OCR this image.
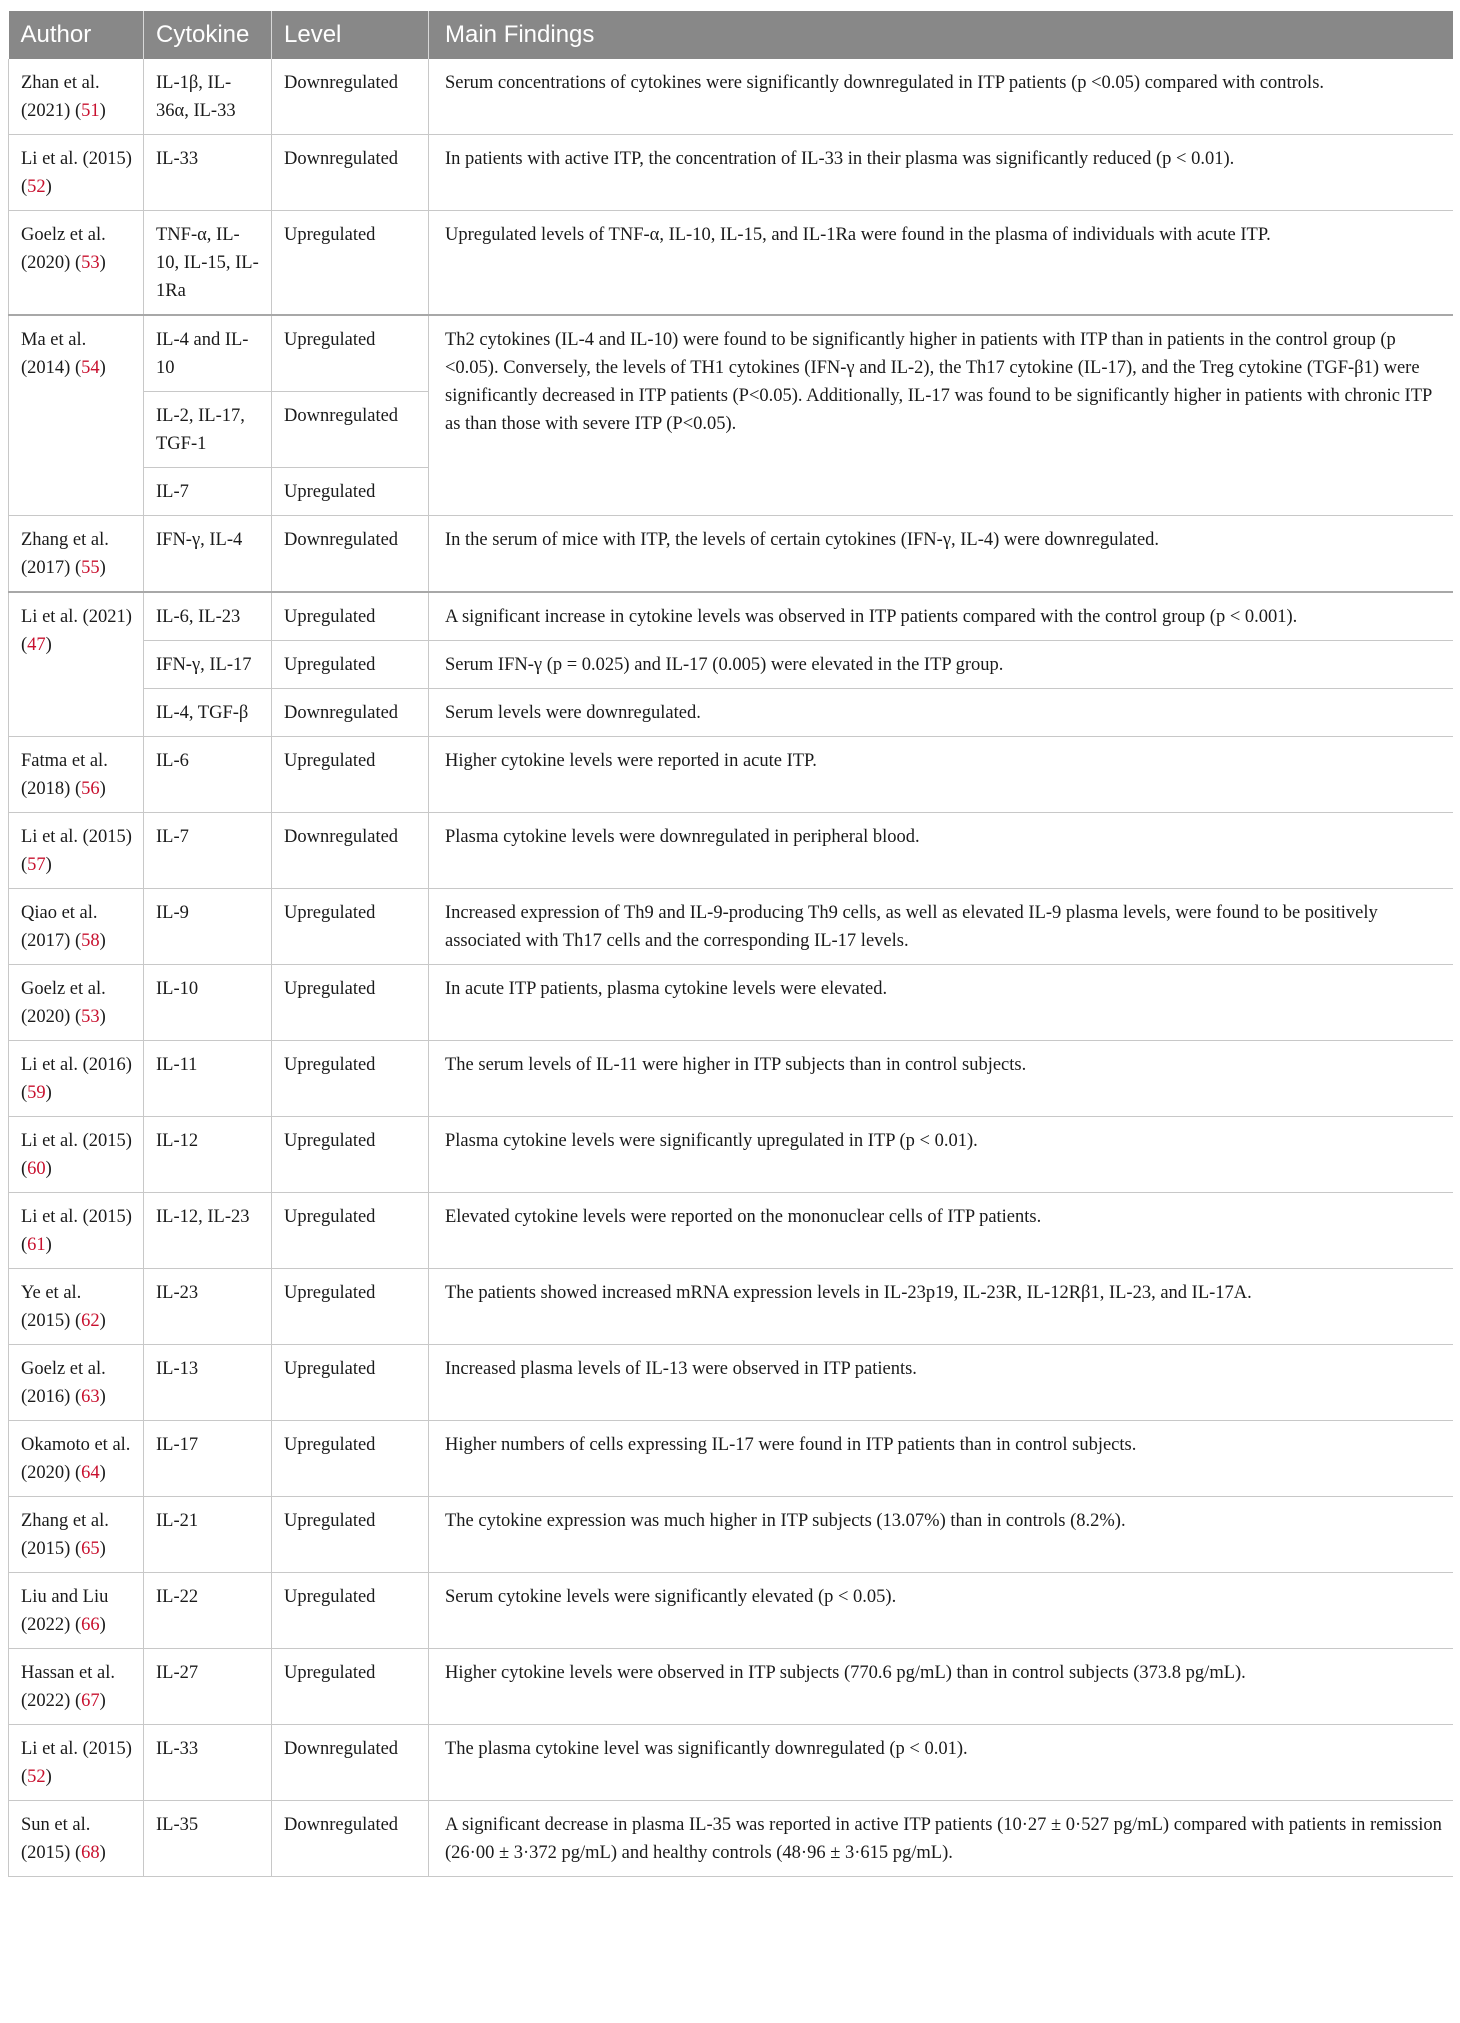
Author	Cytokine	Level	Main Findings
Zhan et al. (2021) (51)	IL-1β, IL-36α, IL-33	Downregulated	Serum concentrations of cytokines were significantly downregulated in ITP patients (p <0.05) compared with controls.
Li et al. (2015) (52)	IL-33	Downregulated	In patients with active ITP, the concentration of IL-33 in their plasma was significantly reduced (p < 0.01).
Goelz et al. (2020) (53)	TNF-α, IL-10, IL-15, IL-1Ra	Upregulated	Upregulated levels of TNF-α, IL-10, IL-15, and IL-1Ra were found in the plasma of individuals with acute ITP.
Ma et al. (2014) (54)	IL-4 and IL-10	Upregulated	Th2 cytokines (IL-4 and IL-10) were found to be significantly higher in patients with ITP than in patients in the control group (p <0.05). Conversely, the levels of TH1 cytokines (IFN-γ and IL-2), the Th17 cytokine (IL-17), and the Treg cytokine (TGF-β1) were significantly decreased in ITP patients (P<0.05). Additionally, IL-17 was found to be significantly higher in patients with chronic ITP as than those with severe ITP (P<0.05).
	IL-2, IL-17, TGF-1	Downregulated	
	IL-7	Upregulated	
Zhang et al. (2017) (55)	IFN-γ, IL-4	Downregulated	In the serum of mice with ITP, the levels of certain cytokines (IFN-γ, IL-4) were downregulated.
Li et al. (2021) (47)	IL-6, IL-23	Upregulated	A significant increase in cytokine levels was observed in ITP patients compared with the control group (p < 0.001).
	IFN-γ, IL-17	Upregulated	Serum IFN-γ (p = 0.025) and IL-17 (0.005) were elevated in the ITP group.
	IL-4, TGF-β	Downregulated	Serum levels were downregulated.
Fatma et al. (2018) (56)	IL-6	Upregulated	Higher cytokine levels were reported in acute ITP.
Li et al. (2015) (57)	IL-7	Downregulated	Plasma cytokine levels were downregulated in peripheral blood.
Qiao et al. (2017) (58)	IL-9	Upregulated	Increased expression of Th9 and IL-9-producing Th9 cells, as well as elevated IL-9 plasma levels, were found to be positively associated with Th17 cells and the corresponding IL-17 levels.
Goelz et al. (2020) (53)	IL-10	Upregulated	In acute ITP patients, plasma cytokine levels were elevated.
Li et al. (2016) (59)	IL-11	Upregulated	The serum levels of IL-11 were higher in ITP subjects than in control subjects.
Li et al. (2015) (60)	IL-12	Upregulated	Plasma cytokine levels were significantly upregulated in ITP (p < 0.01).
Li et al. (2015) (61)	IL-12, IL-23	Upregulated	Elevated cytokine levels were reported on the mononuclear cells of ITP patients.
Ye et al. (2015) (62)	IL-23	Upregulated	The patients showed increased mRNA expression levels in IL-23p19, IL-23R, IL-12Rβ1, IL-23, and IL-17A.
Goelz et al. (2016) (63)	IL-13	Upregulated	Increased plasma levels of IL-13 were observed in ITP patients.
Okamoto et al. (2020) (64)	IL-17	Upregulated	Higher numbers of cells expressing IL-17 were found in ITP patients than in control subjects.
Zhang et al. (2015) (65)	IL-21	Upregulated	The cytokine expression was much higher in ITP subjects (13.07%) than in controls (8.2%).
Liu and Liu (2022) (66)	IL-22	Upregulated	Serum cytokine levels were significantly elevated (p < 0.05).
Hassan et al.(2022) (67)	IL-27	Upregulated	Higher cytokine levels were observed in ITP subjects (770.6 pg/mL) than in control subjects (373.8 pg/mL).
Li et al. (2015) (52)	IL-33	Downregulated	The plasma cytokine level was significantly downregulated (p < 0.01).
Sun et al. (2015) (68)	IL-35	Downregulated	A significant decrease in plasma IL-35 was reported in active ITP patients (10·27 ± 0·527 pg/mL) compared with patients in remission (26·00 ± 3·372 pg/mL) and healthy controls (48·96 ± 3·615 pg/mL).
